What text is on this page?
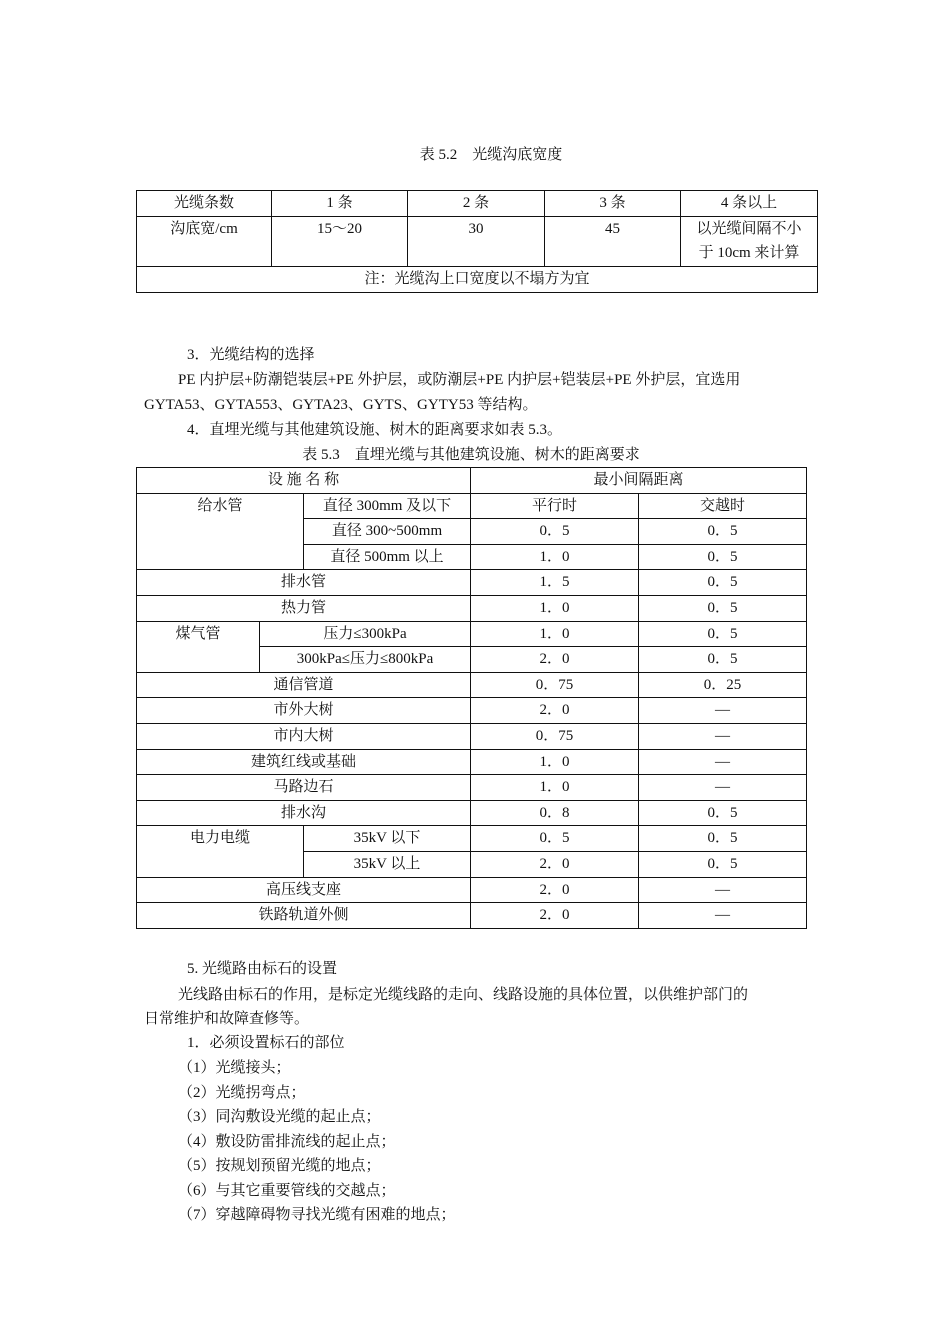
表 5.2　光缆沟底宽度
光缆条数	1 条	2 条	3 条	4 条以上
沟底宽/cm	15～20	30	45	以光缆间隔不小
于 10cm 来计算

注：光缆沟上口宽度以不塌方为宜				
3．光缆结构的选择
PE 内护层+防潮铠装层+PE 外护层，或防潮层+PE 内护层+铠装层+PE 外护层，宜选用
GYTA53、GYTA553、GYTA23、GYTS、GYTY53 等结构。
4．直埋光缆与其他建筑设施、树木的距离要求如表 5.3。
表 5.3　直埋光缆与其他建筑设施、树木的距离要求
设 施 名 称			最小间隔距离	
给水管		直径 300mm 及以下	平行时	交越时
		直径 300~500mm	0．5	0．5
		直径 500mm 以上	1．0	0．5
排水管			1．5	0．5
热力管			1．0	0．5
煤气管	压力≤300kPa		1．0	0．5
	300kPa≤压力≤800kPa		2．0	0．5
通信管道			0．75	0．25
市外大树			2．0	—
市内大树			0．75	—
建筑红线或基础			1．0	—
马路边石			1．0	—
排水沟			0．8	0．5
电力电缆		35kV 以下	0．5	0．5
		35kV 以上	2．0	0．5
高压线支座			2．0	—
铁路轨道外侧			2．0	—
5. 光缆路由标石的设置
光线路由标石的作用，是标定光缆线路的走向、线路设施的具体位置，以供维护部门的
日常维护和故障查修等。
1．必须设置标石的部位
（1）光缆接头；
（2）光缆拐弯点；
（3）同沟敷设光缆的起止点；
（4）敷设防雷排流线的起止点；
（5）按规划预留光缆的地点；
（6）与其它重要管线的交越点；
（7）穿越障碍物寻找光缆有困难的地点；
